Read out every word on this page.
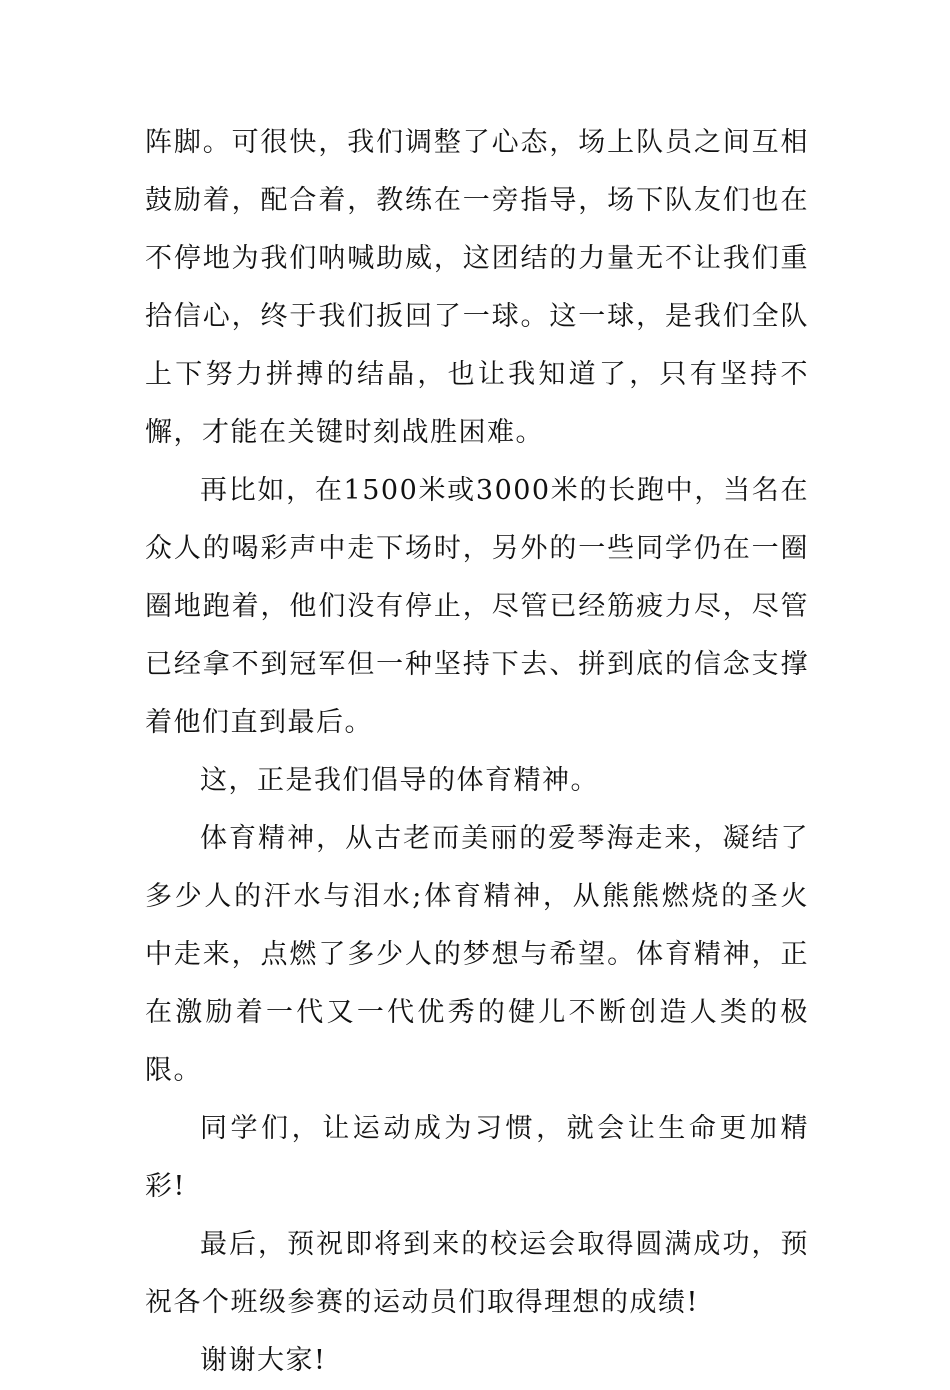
阵脚。可很快，我们调整了心态，场上队员之间互相鼓励着，配合着，教练在一旁指导，场下队友们也在不停地为我们呐喊助威，这团结的力量无不让我们重拾信心，终于我们扳回了一球。这一球，是我们全队上下努力拼搏的结晶，也让我知道了，只有坚持不懈，才能在关键时刻战胜困难。

再比如，在1500米或3000米的长跑中，当名在众人的喝彩声中走下场时，另外的一些同学仍在一圈圈地跑着，他们没有停止，尽管已经筋疲力尽，尽管已经拿不到冠军但一种坚持下去、拼到底的信念支撑着他们直到最后。

这，正是我们倡导的体育精神。

体育精神，从古老而美丽的爱琴海走来，凝结了多少人的汗水与泪水;体育精神，从熊熊燃烧的圣火中走来，点燃了多少人的梦想与希望。体育精神，正在激励着一代又一代优秀的健儿不断创造人类的极限。

同学们，让运动成为习惯，就会让生命更加精彩!

最后，预祝即将到来的校运会取得圆满成功，预祝各个班级参赛的运动员们取得理想的成绩!

谢谢大家!
